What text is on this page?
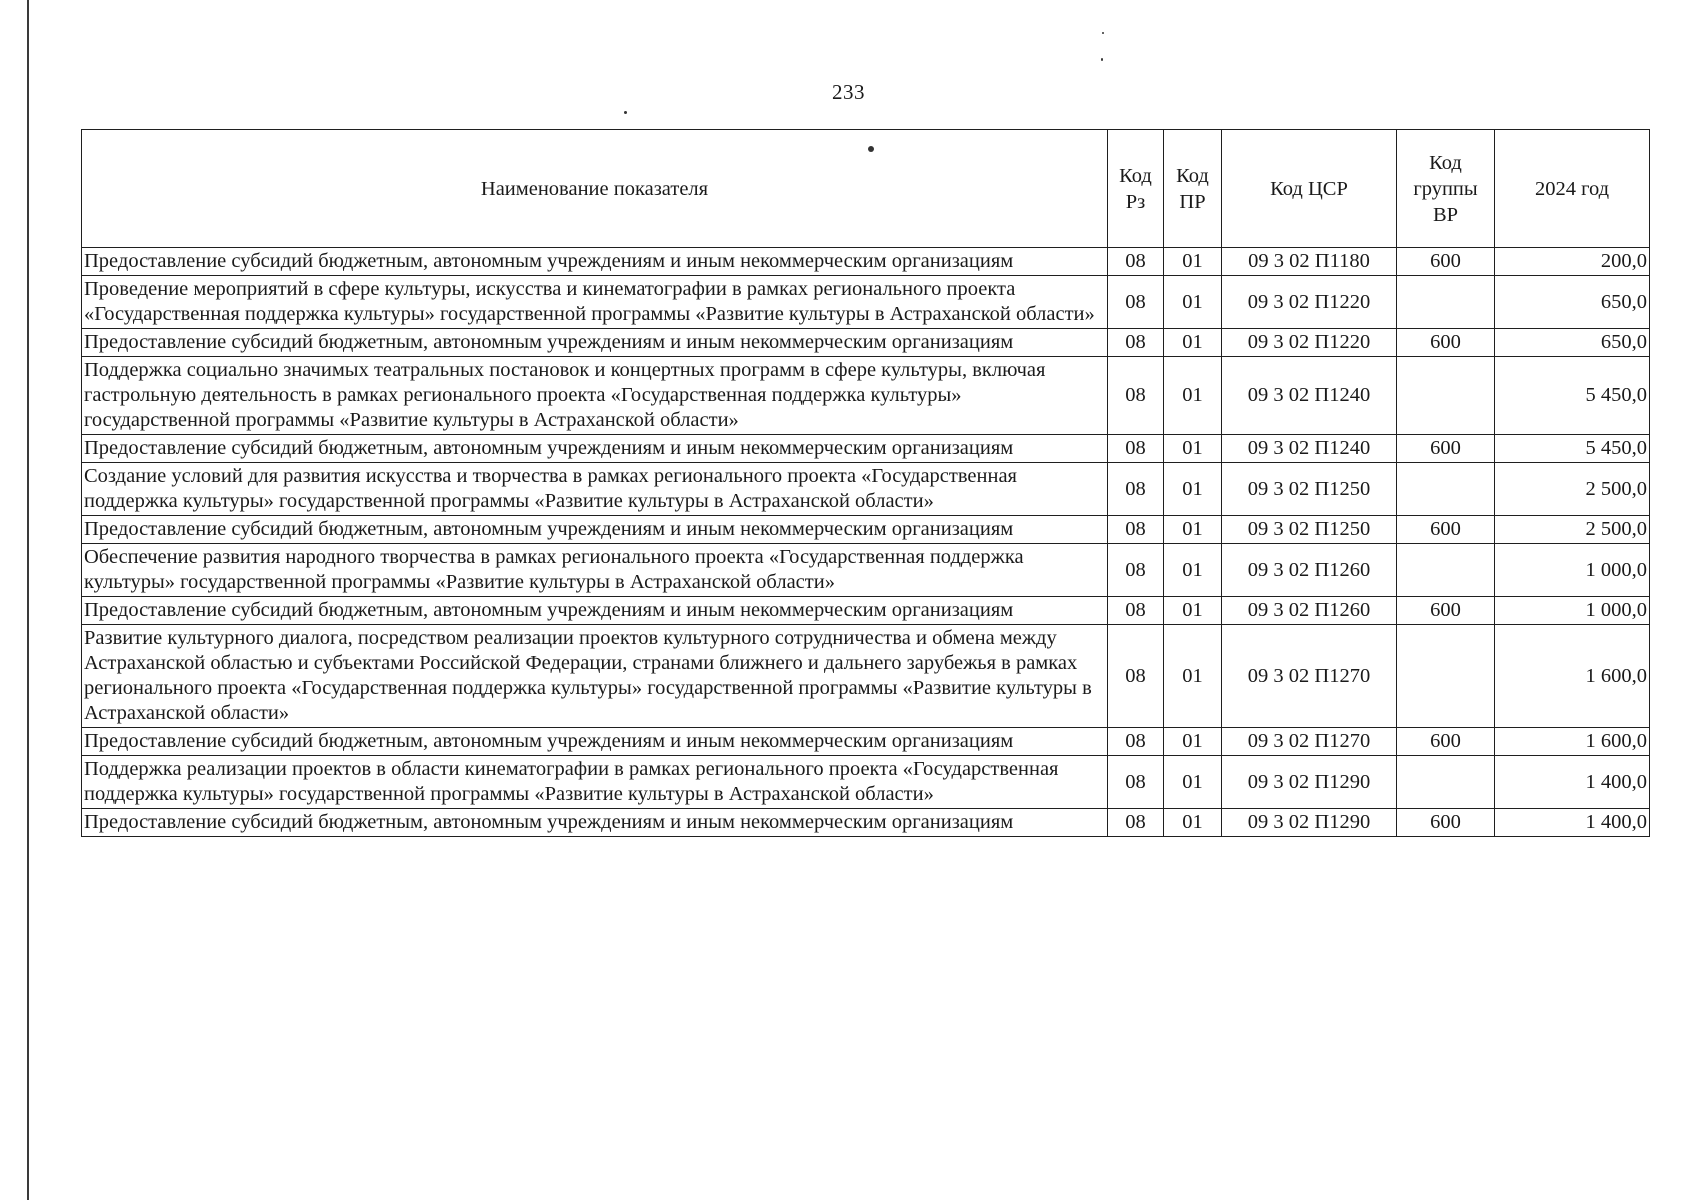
233
Наименование показателя	Код Рз	Код ПР	Код ЦСР	Код группы ВР	2024 год
Предоставление субсидий бюджетным, автономным учреждениям и иным некоммерческим организациям	08	01	09 3 02 П1180	600	200,0
Проведение мероприятий в сфере культуры, искусства и кинематографии в рамках регионального проекта «Государственная поддержка культуры» государственной программы «Развитие культуры в Астраханской области»	08	01	09 3 02 П1220		650,0
Предоставление субсидий бюджетным, автономным учреждениям и иным некоммерческим организациям	08	01	09 3 02 П1220	600	650,0
Поддержка социально значимых театральных постановок и концертных программ в сфере культуры, включая гастрольную деятельность в рамках регионального проекта «Государственная поддержка культуры» государственной программы «Развитие культуры в Астраханской области»	08	01	09 3 02 П1240		5 450,0
Предоставление субсидий бюджетным, автономным учреждениям и иным некоммерческим организациям	08	01	09 3 02 П1240	600	5 450,0
Создание условий для развития искусства и творчества в рамках регионального проекта «Государственная поддержка культуры» государственной программы «Развитие культуры в Астраханской области»	08	01	09 3 02 П1250		2 500,0
Предоставление субсидий бюджетным, автономным учреждениям и иным некоммерческим организациям	08	01	09 3 02 П1250	600	2 500,0
Обеспечение развития народного творчества в рамках регионального проекта «Государственная поддержка культуры» государственной программы «Развитие культуры в Астраханской области»	08	01	09 3 02 П1260		1 000,0
Предоставление субсидий бюджетным, автономным учреждениям и иным некоммерческим организациям	08	01	09 3 02 П1260	600	1 000,0
Развитие культурного диалога, посредством реализации проектов культурного сотрудничества и обмена между Астраханской областью и субъектами Российской Федерации, странами ближнего и дальнего зарубежья в рамках регионального проекта «Государственная поддержка культуры» государственной программы «Развитие культуры в Астраханской области»	08	01	09 3 02 П1270		1 600,0
Предоставление субсидий бюджетным, автономным учреждениям и иным некоммерческим организациям	08	01	09 3 02 П1270	600	1 600,0
Поддержка реализации проектов в области кинематографии в рамках регионального проекта «Государственная поддержка культуры» государственной программы «Развитие культуры в Астраханской области»	08	01	09 3 02 П1290		1 400,0
Предоставление субсидий бюджетным, автономным учреждениям и иным некоммерческим организациям	08	01	09 3 02 П1290	600	1 400,0
